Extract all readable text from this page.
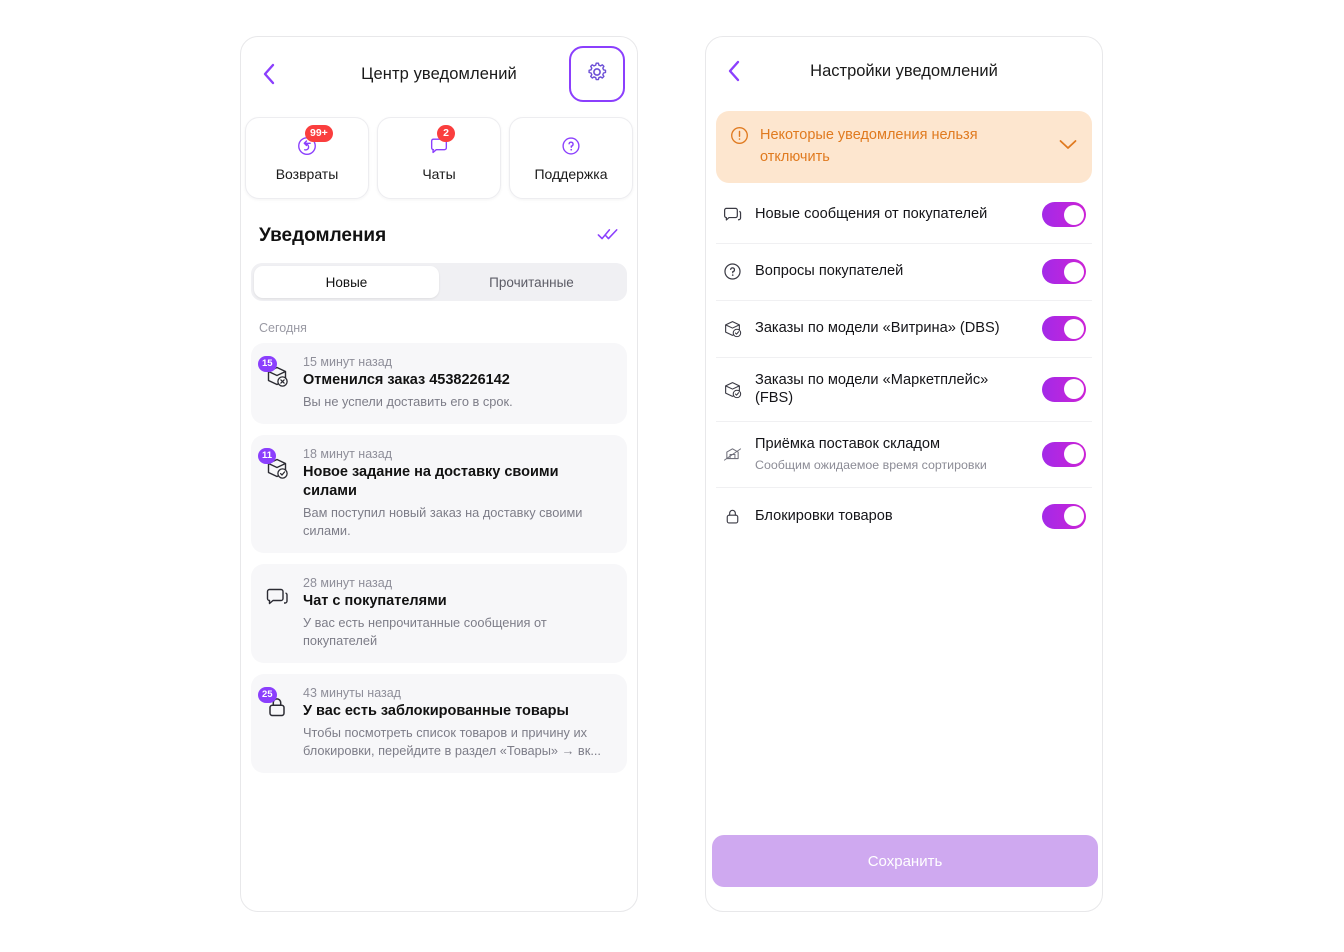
Центр уведомлений
99+
Возвраты
2
Чаты	Поддержка
Уведомления
Новые	Прочитанные
Сегодня
15	15 минут назад
Отменился заказ 4538226142
Вы не успели доставить его в срок.
11	18 минут назад
Новое задание на доставку своими силами
Вам поступил новый заказ на доставку своими силами.
28 минут назад
Чат с покупателями
У вас есть непрочитанные сообщения от покупателей
25	43 минуты назад
У вас есть заблокированные товары
Чтобы посмотреть список товаров и причину их блокировки, перейдите в раздел «Товары» → вк...
Настройки уведомлений
Некоторые уведомления нельзя отключить
Новые сообщения от покупателей
Вопросы покупателей
Заказы по модели «Витрина» (DBS)
Заказы по модели «Маркетплейс» (FBS)
Приёмка поставок складом
Сообщим ожидаемое время сортировки
Блокировки товаров
Сохранить
